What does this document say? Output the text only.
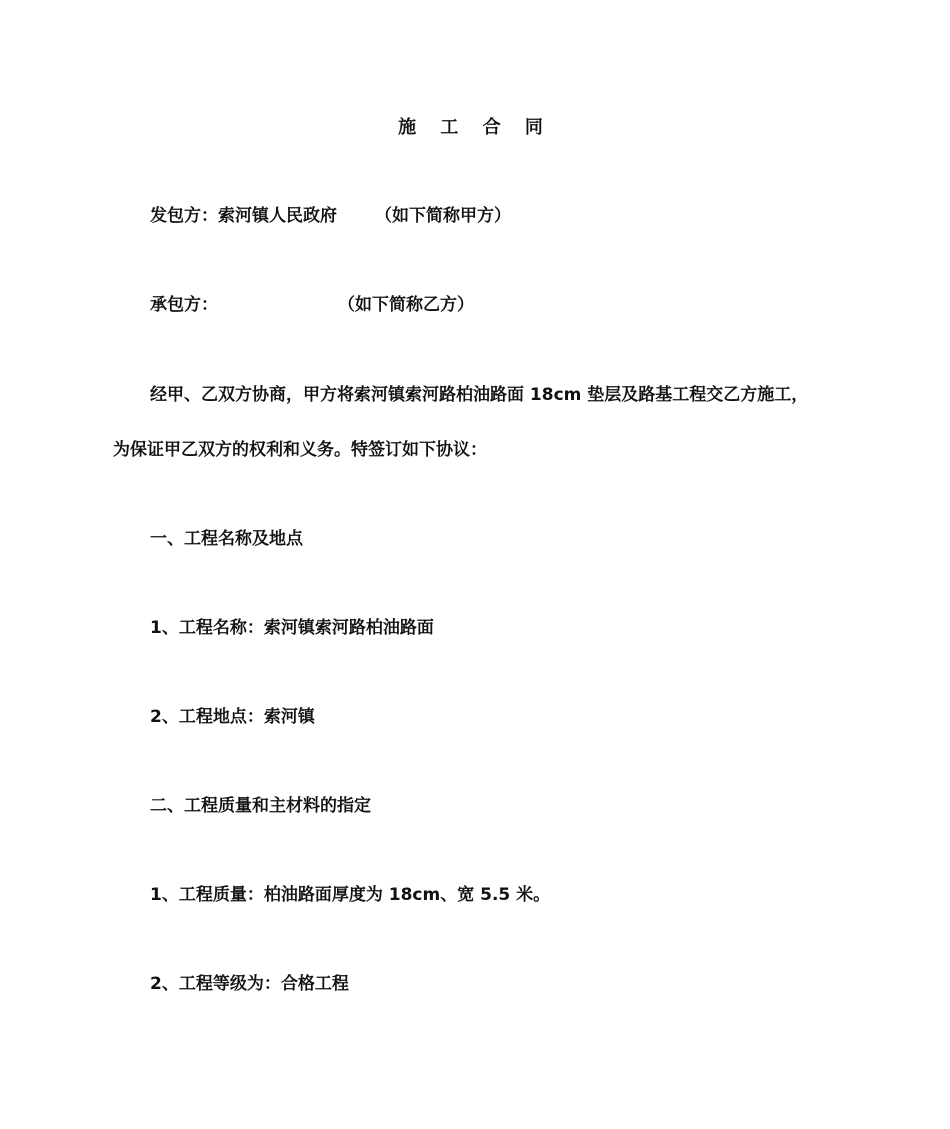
施 工 合 同
发包方：索河镇人民政府 （如下简称甲方）
承包方：	（如下简称乙方）
经甲、乙双方协商，甲方将索河镇索河路柏油路面 18cm 垫层及路基工程交乙方施工，
为保证甲乙双方的权利和义务。特签订如下协议：
一、工程名称及地点
1、工程名称：索河镇索河路柏油路面
2、工程地点：索河镇
二、工程质量和主材料的指定
1、工程质量：柏油路面厚度为 18cm、宽 5.5 米。
2、工程等级为：合格工程
